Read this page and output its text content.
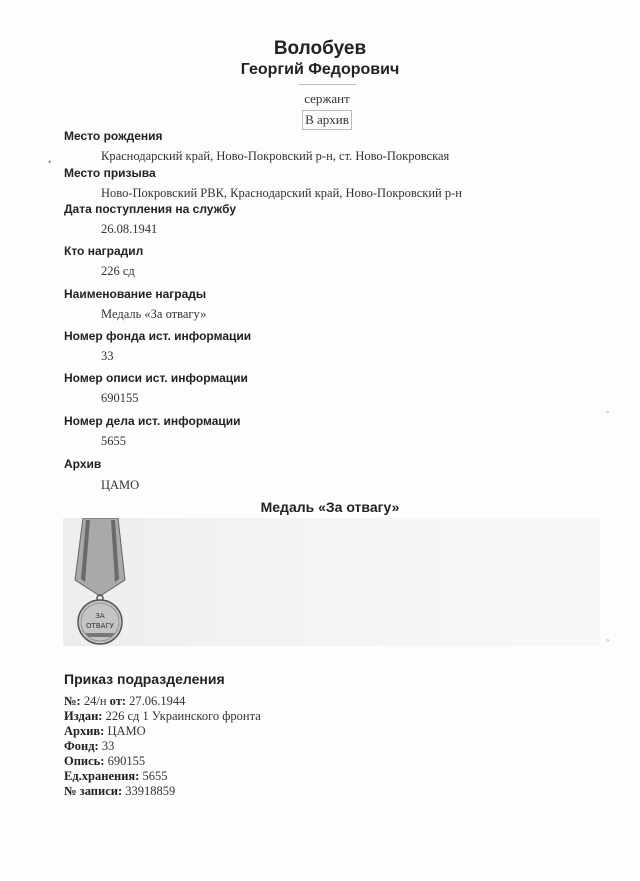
Волобуев
Георгий Федорович
сержант
В архив
Место рождения
Краснодарский край, Ново-Покровский р-н, ст. Ново-Покровская
Место призыва
Ново-Покровский РВК, Краснодарский край, Ново-Покровский р-н
Дата поступления на службу
26.08.1941
Кто наградил
226 сд
Наименование награды
Медаль «За отвагу»
Номер фонда ист. информации
33
Номер описи ист. информации
690155
Номер дела ист. информации
5655
Архив
ЦАМО
Медаль «За отвагу»
ЗА
ОТВАГУ
Приказ подразделения
№: 24/н от: 27.06.1944
Издан: 226 сд 1 Украинского фронта
Архив: ЦАМО
Фонд: 33
Опись: 690155
Ед.хранения: 5655
№ записи: 33918859
•
◦
◦
